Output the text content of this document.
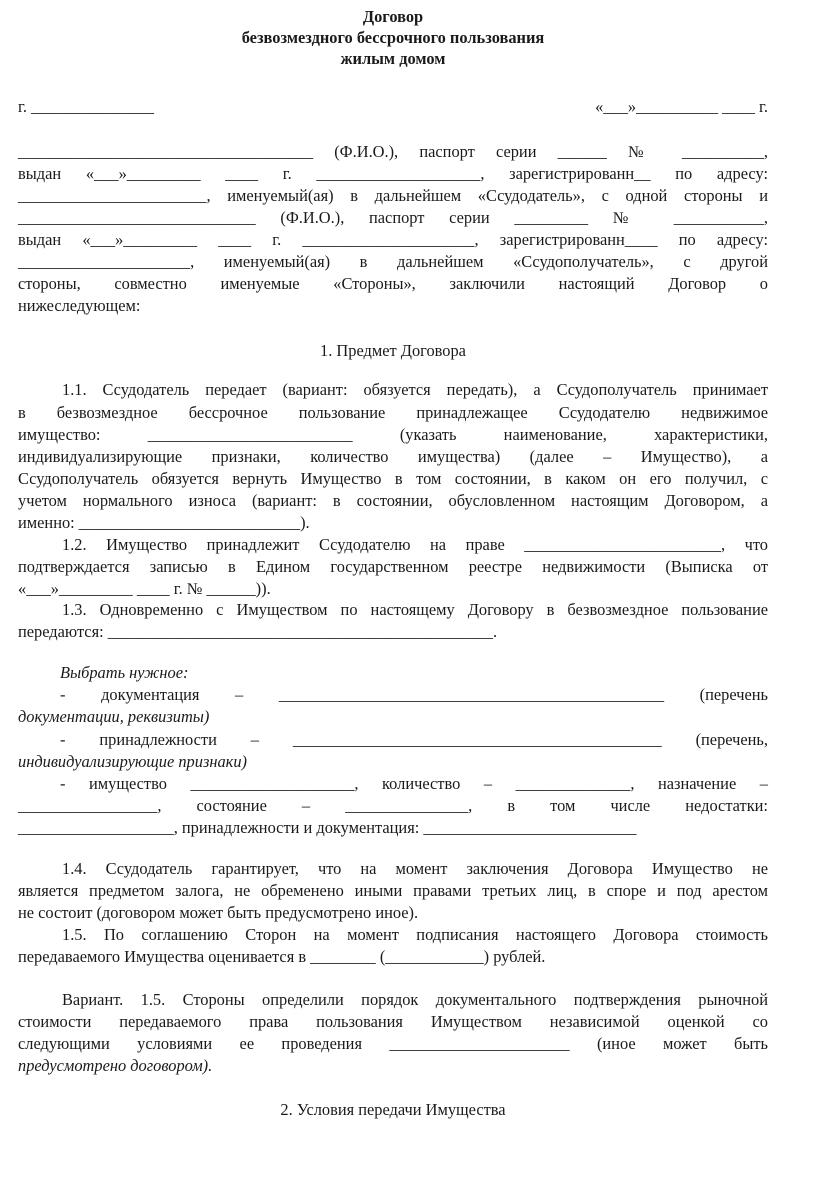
Договор
безвозмездного бессрочного пользования
жилым домом
г. _______________	«___»__________ ____ г.
____________________________________ (Ф.И.О.), паспорт серии ______ № __________,
выдан «___»_________ ____ г. ____________________, зарегистрированн__ по адресу:
_______________________, именуемый(ая) в дальнейшем «Ссудодатель», с одной стороны и
_____________________________ (Ф.И.О.), паспорт серии _________ № ___________,
выдан «___»_________ ____ г. _____________________, зарегистрированн____ по адресу:
_____________________, именуемый(ая) в дальнейшем «Ссудополучатель», с другой
стороны, совместно именуемые «Стороны», заключили настоящий Договор о
нижеследующем:
1. Предмет Договора
1.1. Ссудодатель передает (вариант: обязуется передать), а Ссудополучатель принимает
в безвозмездное бессрочное пользование принадлежащее Ссудодателю недвижимое
имущество: _________________________ (указать наименование, характеристики,
индивидуализирующие признаки, количество имущества) (далее – Имущество), а
Ссудополучатель обязуется вернуть Имущество в том состоянии, в каком он его получил, с
учетом нормального износа (вариант: в состоянии, обусловленном настоящим Договором, а
именно: ___________________________).
1.2. Имущество принадлежит Ссудодателю на праве ________________________, что
подтверждается записью в Едином государственном реестре недвижимости (Выписка от
«___»_________ ____ г. № ______)).
1.3. Одновременно с Имуществом по настоящему Договору в безвозмездное пользование
передаются: _______________________________________________.
Выбрать нужное:
- документация – _______________________________________________ (перечень
документации, реквизиты)
- принадлежности – _____________________________________________ (перечень,
индивидуализирующие признаки)
- имущество ____________________, количество – ______________, назначение –
_________________, состояние – _______________, в том числе недостатки:
___________________, принадлежности и документация: __________________________
1.4. Ссудодатель гарантирует, что на момент заключения Договора Имущество не
является предметом залога, не обременено иными правами третьих лиц, в споре и под арестом
не состоит (договором может быть предусмотрено иное).
1.5. По соглашению Сторон на момент подписания настоящего Договора стоимость
передаваемого Имущества оценивается в ________ (____________) рублей.
Вариант. 1.5. Стороны определили порядок документального подтверждения рыночной
стоимости передаваемого права пользования Имуществом независимой оценкой со
следующими условиями ее проведения ______________________ (иное может быть
предусмотрено договором).
2. Условия передачи Имущества
